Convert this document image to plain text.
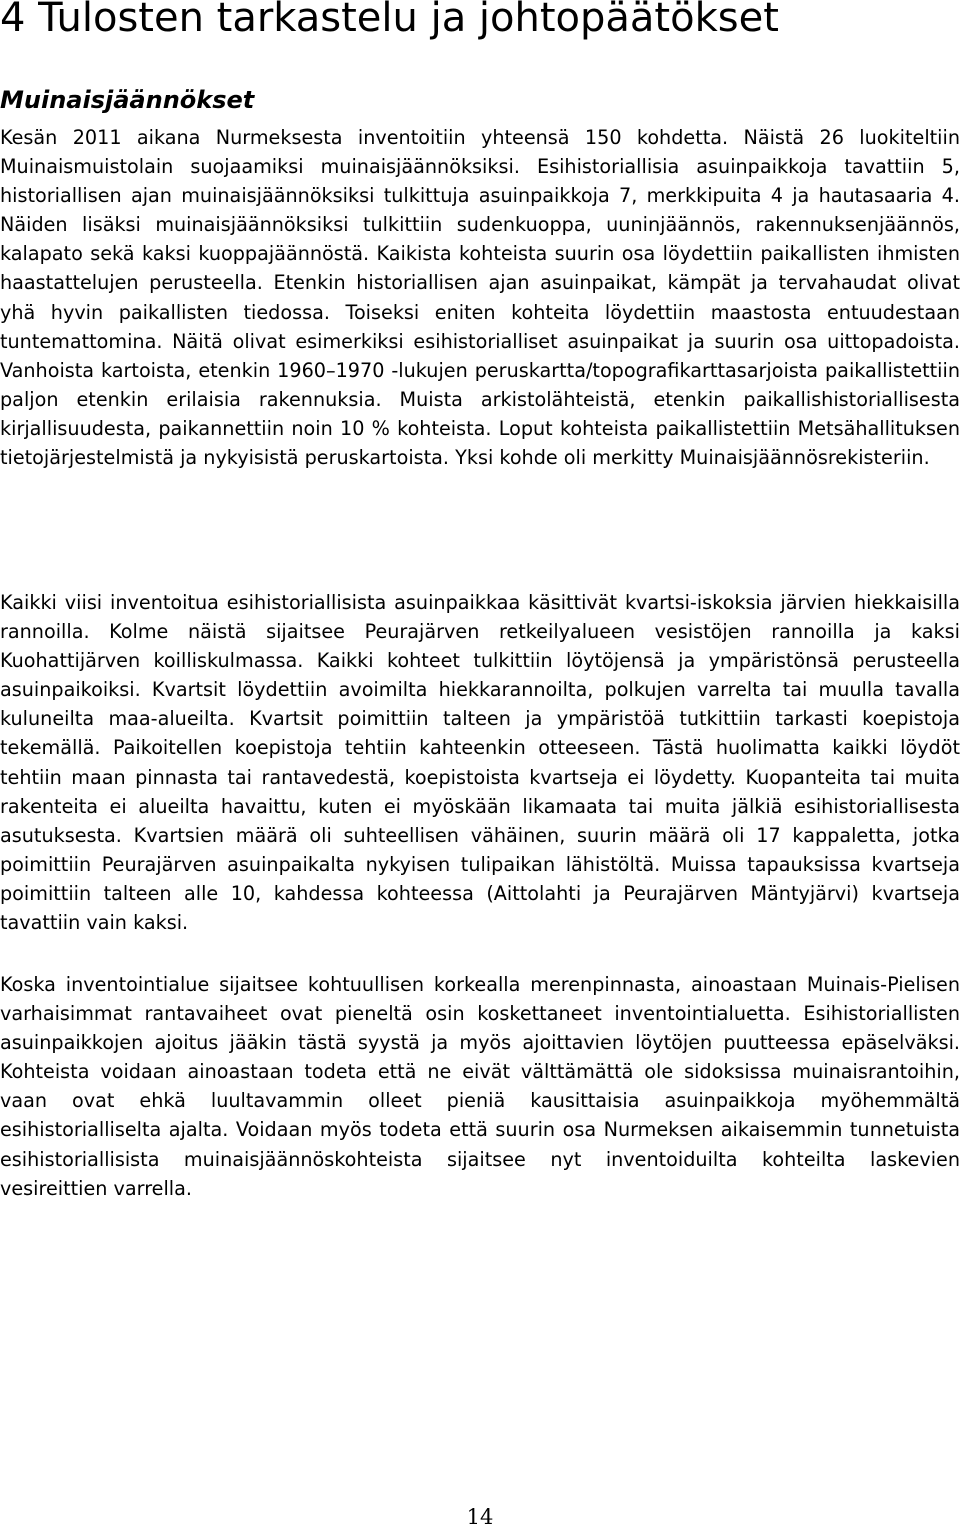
4 Tulosten tarkastelu ja johtopäätökset
Muinaisjäännökset

Kesän 2011 aikana Nurmeksesta inventoitiin yhteensä 150 kohdetta. Näistä 26 luokiteltiin Muinaismuistolain suojaamiksi muinaisjäännöksiksi. Esihistoriallisia asuinpaikkoja tavattiin 5, historiallisen ajan muinaisjäännöksiksi tulkittuja asuinpaikkoja 7, merkkipuita 4 ja hautasaaria 4. Näiden lisäksi muinaisjäännöksiksi tulkittiin sudenkuoppa, uuninjäännös, rakennuksenjäännös, kalapato sekä kaksi kuoppajäännöstä. Kaikista kohteista suurin osa löydettiin paikallisten ihmisten haastattelujen perusteella. Etenkin historiallisen ajan asuinpaikat, kämpät ja tervahaudat olivat yhä hyvin paikallisten tiedossa. Toiseksi eniten kohteita löydettiin maastosta entuudestaan tuntemattomina. Näitä olivat esimerkiksi esihistorialliset asuinpaikat ja suurin osa uittopadoista. Vanhoista kartoista, etenkin 1960–1970 -lukujen peruskartta/topografikarttasarjoista paikallistettiin paljon etenkin erilaisia rakennuksia. Muista arkistolähteistä, etenkin paikallishistoriallisesta kirjallisuudesta, paikannettiin noin 10 % kohteista. Loput kohteista paikallistettiin Metsähallituksen tietojärjestelmistä ja nykyisistä peruskartoista. Yksi kohde oli merkitty Muinaisjäännösrekisteriin.

Kaikki viisi inventoitua esihistoriallisista asuinpaikkaa käsittivät kvartsi-iskoksia järvien hiekkaisilla rannoilla. Kolme näistä sijaitsee Peurajärven retkeilyalueen vesistöjen rannoilla ja kaksi Kuohattijärven koilliskulmassa. Kaikki kohteet tulkittiin löytöjensä ja ympäristönsä perusteella asuinpaikoiksi. Kvartsit löydettiin avoimilta hiekkarannoilta, polkujen varrelta tai muulla tavalla kuluneilta maa-alueilta. Kvartsit poimittiin talteen ja ympäristöä tutkittiin tarkasti koepistoja tekemällä. Paikoitellen koepistoja tehtiin kahteenkin otteeseen. Tästä huolimatta kaikki löydöt tehtiin maan pinnasta tai rantavedestä, koepistoista kvartseja ei löydetty. Kuopanteita tai muita rakenteita ei alueilta havaittu, kuten ei myöskään likamaata tai muita jälkiä esihistoriallisesta asutuksesta. Kvartsien määrä oli suhteellisen vähäinen, suurin määrä oli 17 kappaletta, jotka poimittiin Peurajärven asuinpaikalta nykyisen tulipaikan lähistöltä. Muissa tapauksissa kvartseja poimittiin talteen alle 10, kahdessa kohteessa (Aittolahti ja Peurajärven Mäntyjärvi) kvartseja tavattiin vain kaksi.

Koska inventointialue sijaitsee kohtuullisen korkealla merenpinnasta, ainoastaan Muinais-Pielisen varhaisimmat rantavaiheet ovat pieneltä osin koskettaneet inventointialuetta. Esihistoriallisten asuinpaikkojen ajoitus jääkin tästä syystä ja myös ajoittavien löytöjen puutteessa epäselväksi. Kohteista voidaan ainoastaan todeta että ne eivät välttämättä ole sidoksissa muinaisrantoihin, vaan ovat ehkä luultavammin olleet pieniä kausittaisia asuinpaikkoja myöhemmältä esihistorialliselta ajalta. Voidaan myös todeta että suurin osa Nurmeksen aikaisemmin tunnetuista esihistoriallisista muinaisjäännöskohteista sijaitsee nyt inventoiduilta kohteilta laskevien vesireittien varrella.

14
